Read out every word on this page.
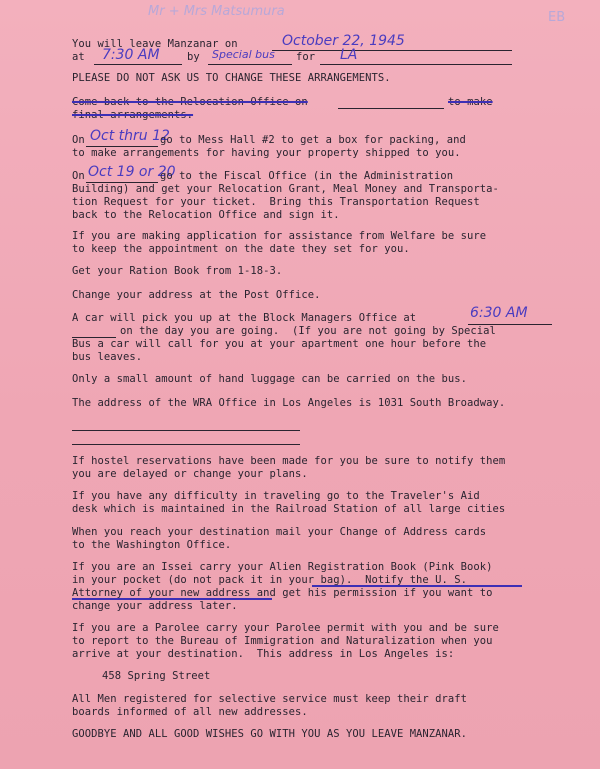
Mr + Mrs Matsumura	EB
You will leave Manzanar on	October 22, 1945
at	7:30 AM	by	Special bus for	LA
PLEASE DO NOT ASK US TO CHANGE THESE ARRANGEMENTS.
Come back to the Relocation Office on	to make
final arrangements.
On Oct thru 12
go to Mess Hall #2 to get a box for packing, and
to make arrangements for having your property shipped to you.
On Oct 19 or 20
go to the Fiscal Office (in the Administration
Building) and get your Relocation Grant, Meal Money and Transporta-
tion Request for your ticket.  Bring this Transportation Request
back to the Relocation Office and sign it.
If you are making application for assistance from Welfare be sure
to keep the appointment on the date they set for you.
Get your Ration Book from 1-18-3.
Change your address at the Post Office.
A car will pick you up at the Block Managers Office at	6:30 AM
on the day you are going.  (If you are not going by Special
Bus a car will call for you at your apartment one hour before the
bus leaves.
Only a small amount of hand luggage can be carried on the bus.
The address of the WRA Office in Los Angeles is 1031 South Broadway.
If hostel reservations have been made for you be sure to notify them
you are delayed or change your plans.
If you have any difficulty in traveling go to the Traveler's Aid
desk which is maintained in the Railroad Station of all large cities
When you reach your destination mail your Change of Address cards
to the Washington Office.
If you are an Issei carry your Alien Registration Book (Pink Book)
in your pocket (do not pack it in your bag).  Notify the U. S.
Attorney of your new address and get his permission if you want to
change your address later.
If you are a Parolee carry your Parolee permit with you and be sure
to report to the Bureau of Immigration and Naturalization when you
arrive at your destination.  This address in Los Angeles is:
458 Spring Street
All Men registered for selective service must keep their draft
boards informed of all new addresses.
GOODBYE AND ALL GOOD WISHES GO WITH YOU AS YOU LEAVE MANZANAR.
